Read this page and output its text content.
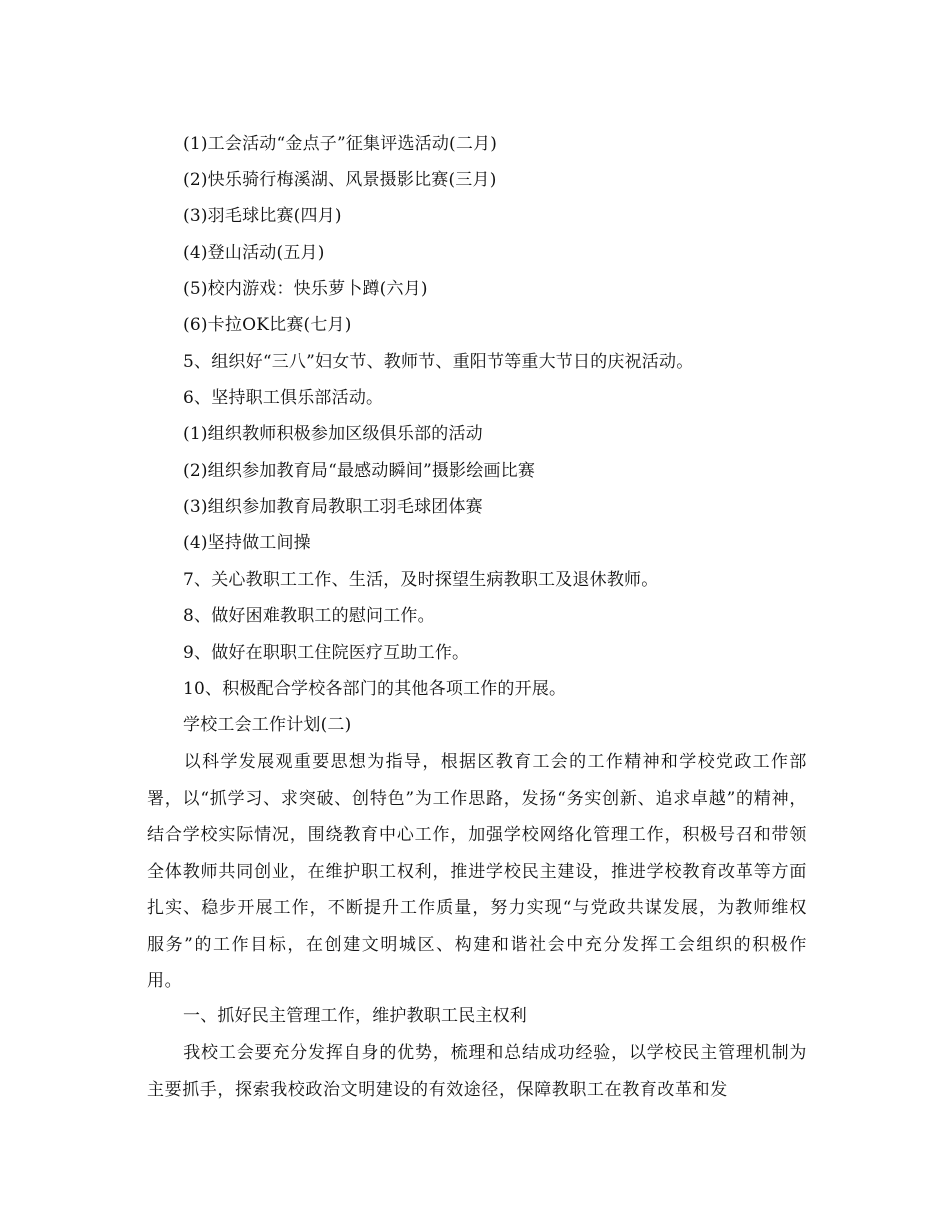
(1)工会活动“金点子”征集评选活动(二月)
(2)快乐骑行梅溪湖、风景摄影比赛(三月)
(3)羽毛球比赛(四月)
(4)登山活动(五月)
(5)校内游戏：快乐萝卜蹲(六月)
(6)卡拉OK比赛(七月)
5、组织好“三八”妇女节、教师节、重阳节等重大节日的庆祝活动。
6、坚持职工俱乐部活动。
(1)组织教师积极参加区级俱乐部的活动
(2)组织参加教育局“最感动瞬间”摄影绘画比赛
(3)组织参加教育局教职工羽毛球团体赛
(4)坚持做工间操
7、关心教职工工作、生活，及时探望生病教职工及退休教师。
8、做好困难教职工的慰问工作。
9、做好在职职工住院医疗互助工作。
10、积极配合学校各部门的其他各项工作的开展。
学校工会工作计划(二)
以科学发展观重要思想为指导，根据区教育工会的工作精神和学校党政工作部署，以“抓学习、求突破、创特色”为工作思路，发扬“务实创新、追求卓越”的精神，结合学校实际情况，围绕教育中心工作，加强学校网络化管理工作，积极号召和带领全体教师共同创业，在维护职工权利，推进学校民主建设，推进学校教育改革等方面扎实、稳步开展工作，不断提升工作质量，努力实现“与党政共谋发展，为教师维权服务”的工作目标，在创建文明城区、构建和谐社会中充分发挥工会组织的积极作用。
一、抓好民主管理工作，维护教职工民主权利
我校工会要充分发挥自身的优势，梳理和总结成功经验，以学校民主管理机制为主要抓手，探索我校政治文明建设的有效途径，保障教职工在教育改革和发
